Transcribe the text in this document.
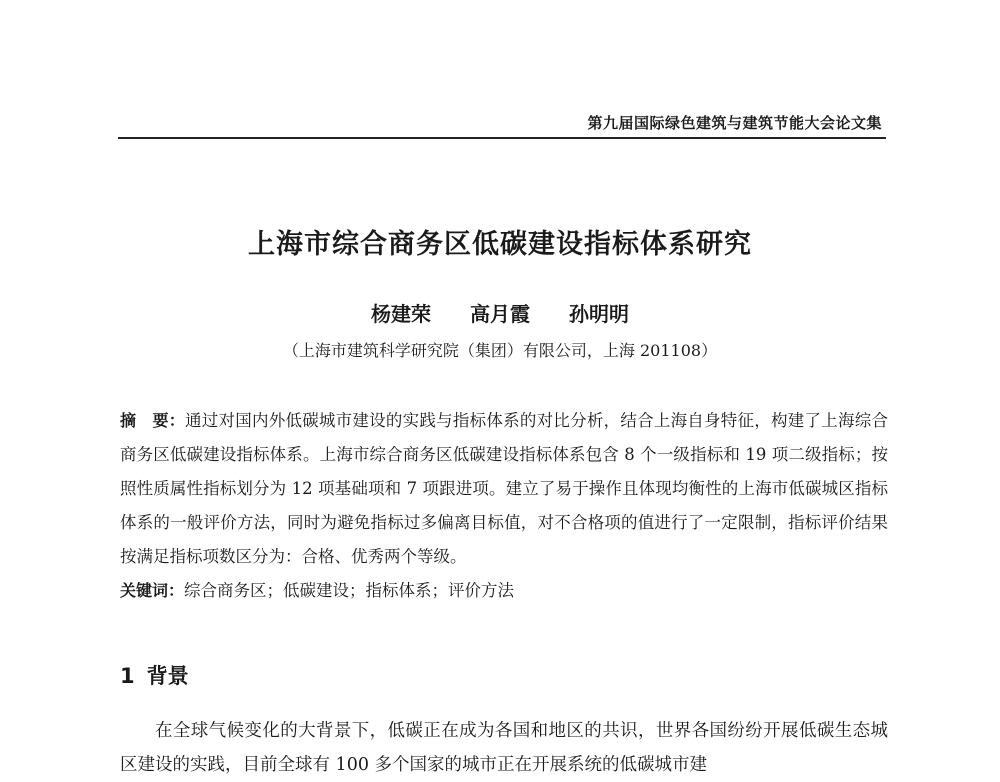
第九届国际绿色建筑与建筑节能大会论文集
上海市综合商务区低碳建设指标体系研究
杨建荣 高月霞 孙明明
（上海市建筑科学研究院（集团）有限公司，上海 201108）
摘　要：通过对国内外低碳城市建设的实践与指标体系的对比分析，结合上海自身特征，构建了上海综合商务区低碳建设指标体系。上海市综合商务区低碳建设指标体系包含 8 个一级指标和 19 项二级指标；按照性质属性指标划分为 12 项基础项和 7 项跟进项。建立了易于操作且体现均衡性的上海市低碳城区指标体系的一般评价方法，同时为避免指标过多偏离目标值，对不合格项的值进行了一定限制，指标评价结果按满足指标项数区分为：合格、优秀两个等级。
关键词：综合商务区；低碳建设；指标体系；评价方法
1 背景
在全球气候变化的大背景下，低碳正在成为各国和地区的共识，世界各国纷纷开展低碳生态城区建设的实践，目前全球有 100 多个国家的城市正在开展系统的低碳城市建
